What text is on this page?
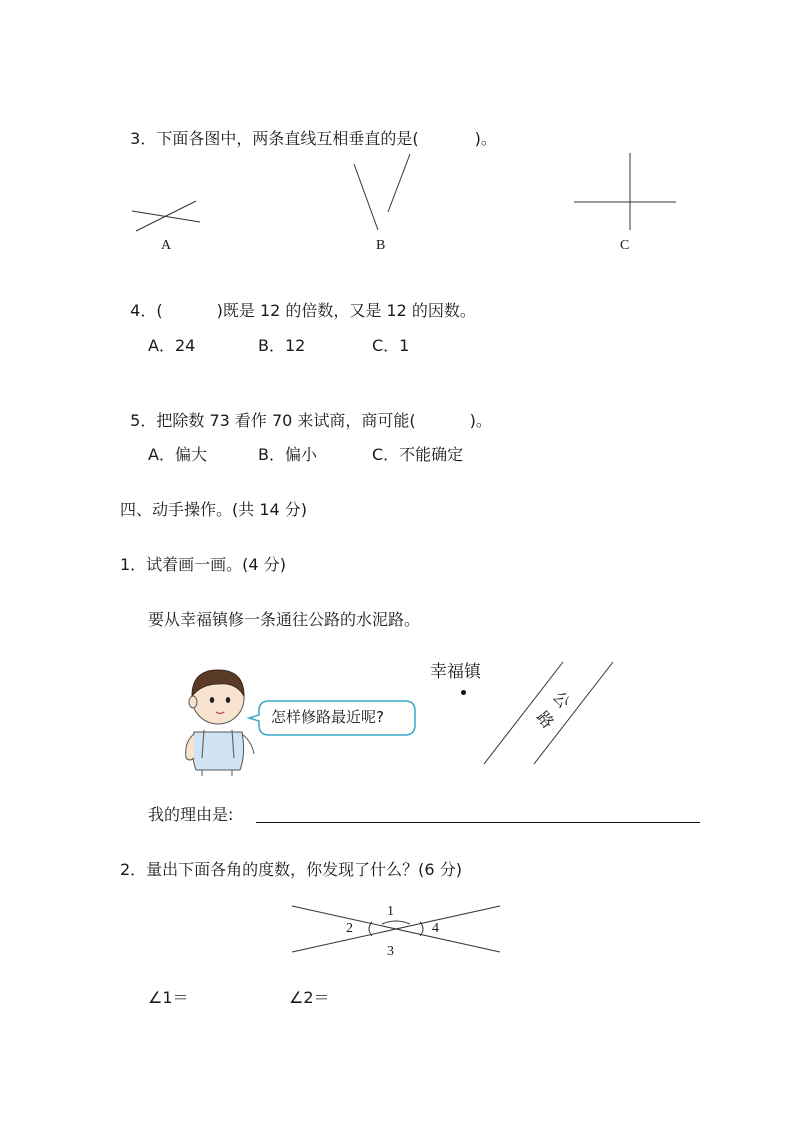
3．下面各图中，两条直线互相垂直的是(	)。

A	B	C

4．(	)既是 12 的倍数，又是 12 的因数。

A．24	B．12	C．1

5．把除数 73 看作 70 来试商，商可能(	)。

A．偏大	B．偏小	C．不能确定
四、动手操作。(共 14 分)
1．试着画一画。(4 分)
要从幸福镇修一条通往公路的水泥路。
怎样修路最近呢?
幸福镇
公
路
我的理由是:
2．量出下面各角的度数，你发现了什么？(6 分)
1
2
3
4
∠1＝	∠2＝
